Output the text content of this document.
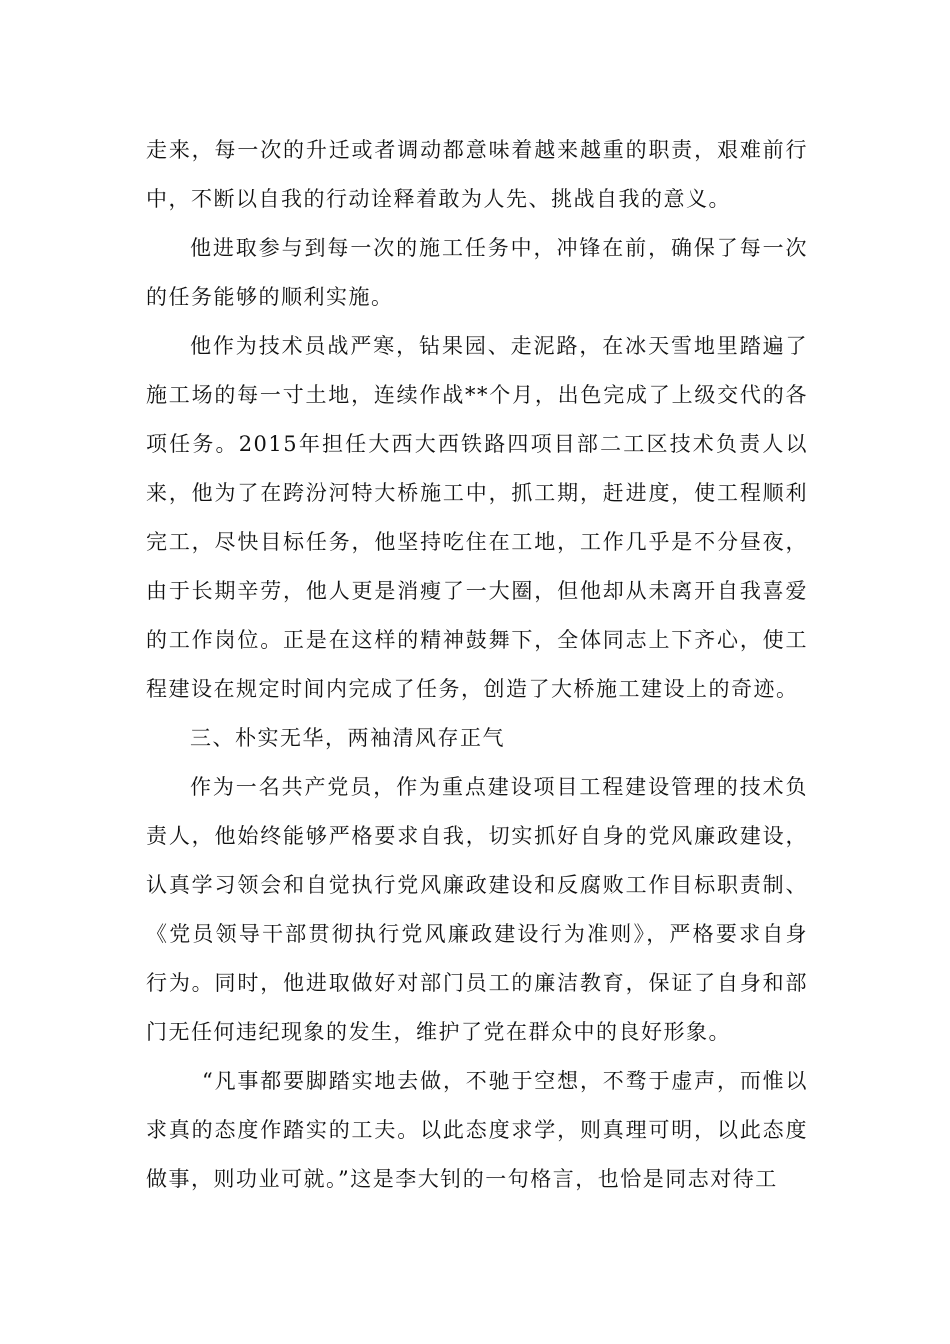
走来，每一次的升迁或者调动都意味着越来越重的职责，艰难前行中，不断以自我的行动诠释着敢为人先、挑战自我的意义。

他进取参与到每一次的施工任务中，冲锋在前，确保了每一次的任务能够的顺利实施。

他作为技术员战严寒，钻果园、走泥路，在冰天雪地里踏遍了施工场的每一寸土地，连续作战**个月，出色完成了上级交代的各项任务。2015年担任大西大西铁路四项目部二工区技术负责人以来，他为了在跨汾河特大桥施工中，抓工期，赶进度，使工程顺利完工，尽快目标任务，他坚持吃住在工地，工作几乎是不分昼夜，由于长期辛劳，他人更是消瘦了一大圈，但他却从未离开自我喜爱的工作岗位。正是在这样的精神鼓舞下，全体同志上下齐心，使工程建设在规定时间内完成了任务，创造了大桥施工建设上的奇迹。

三、朴实无华，两袖清风存正气

作为一名共产党员，作为重点建设项目工程建设管理的技术负责人，他始终能够严格要求自我，切实抓好自身的党风廉政建设，认真学习领会和自觉执行党风廉政建设和反腐败工作目标职责制、《党员领导干部贯彻执行党风廉政建设行为准则》，严格要求自身行为。同时，他进取做好对部门员工的廉洁教育，保证了自身和部门无任何违纪现象的发生，维护了党在群众中的良好形象。

“凡事都要脚踏实地去做，不驰于空想，不骛于虚声，而惟以求真的态度作踏实的工夫。以此态度求学，则真理可明，以此态度做事，则功业可就。”这是李大钊的一句格言，也恰是同志对待工
